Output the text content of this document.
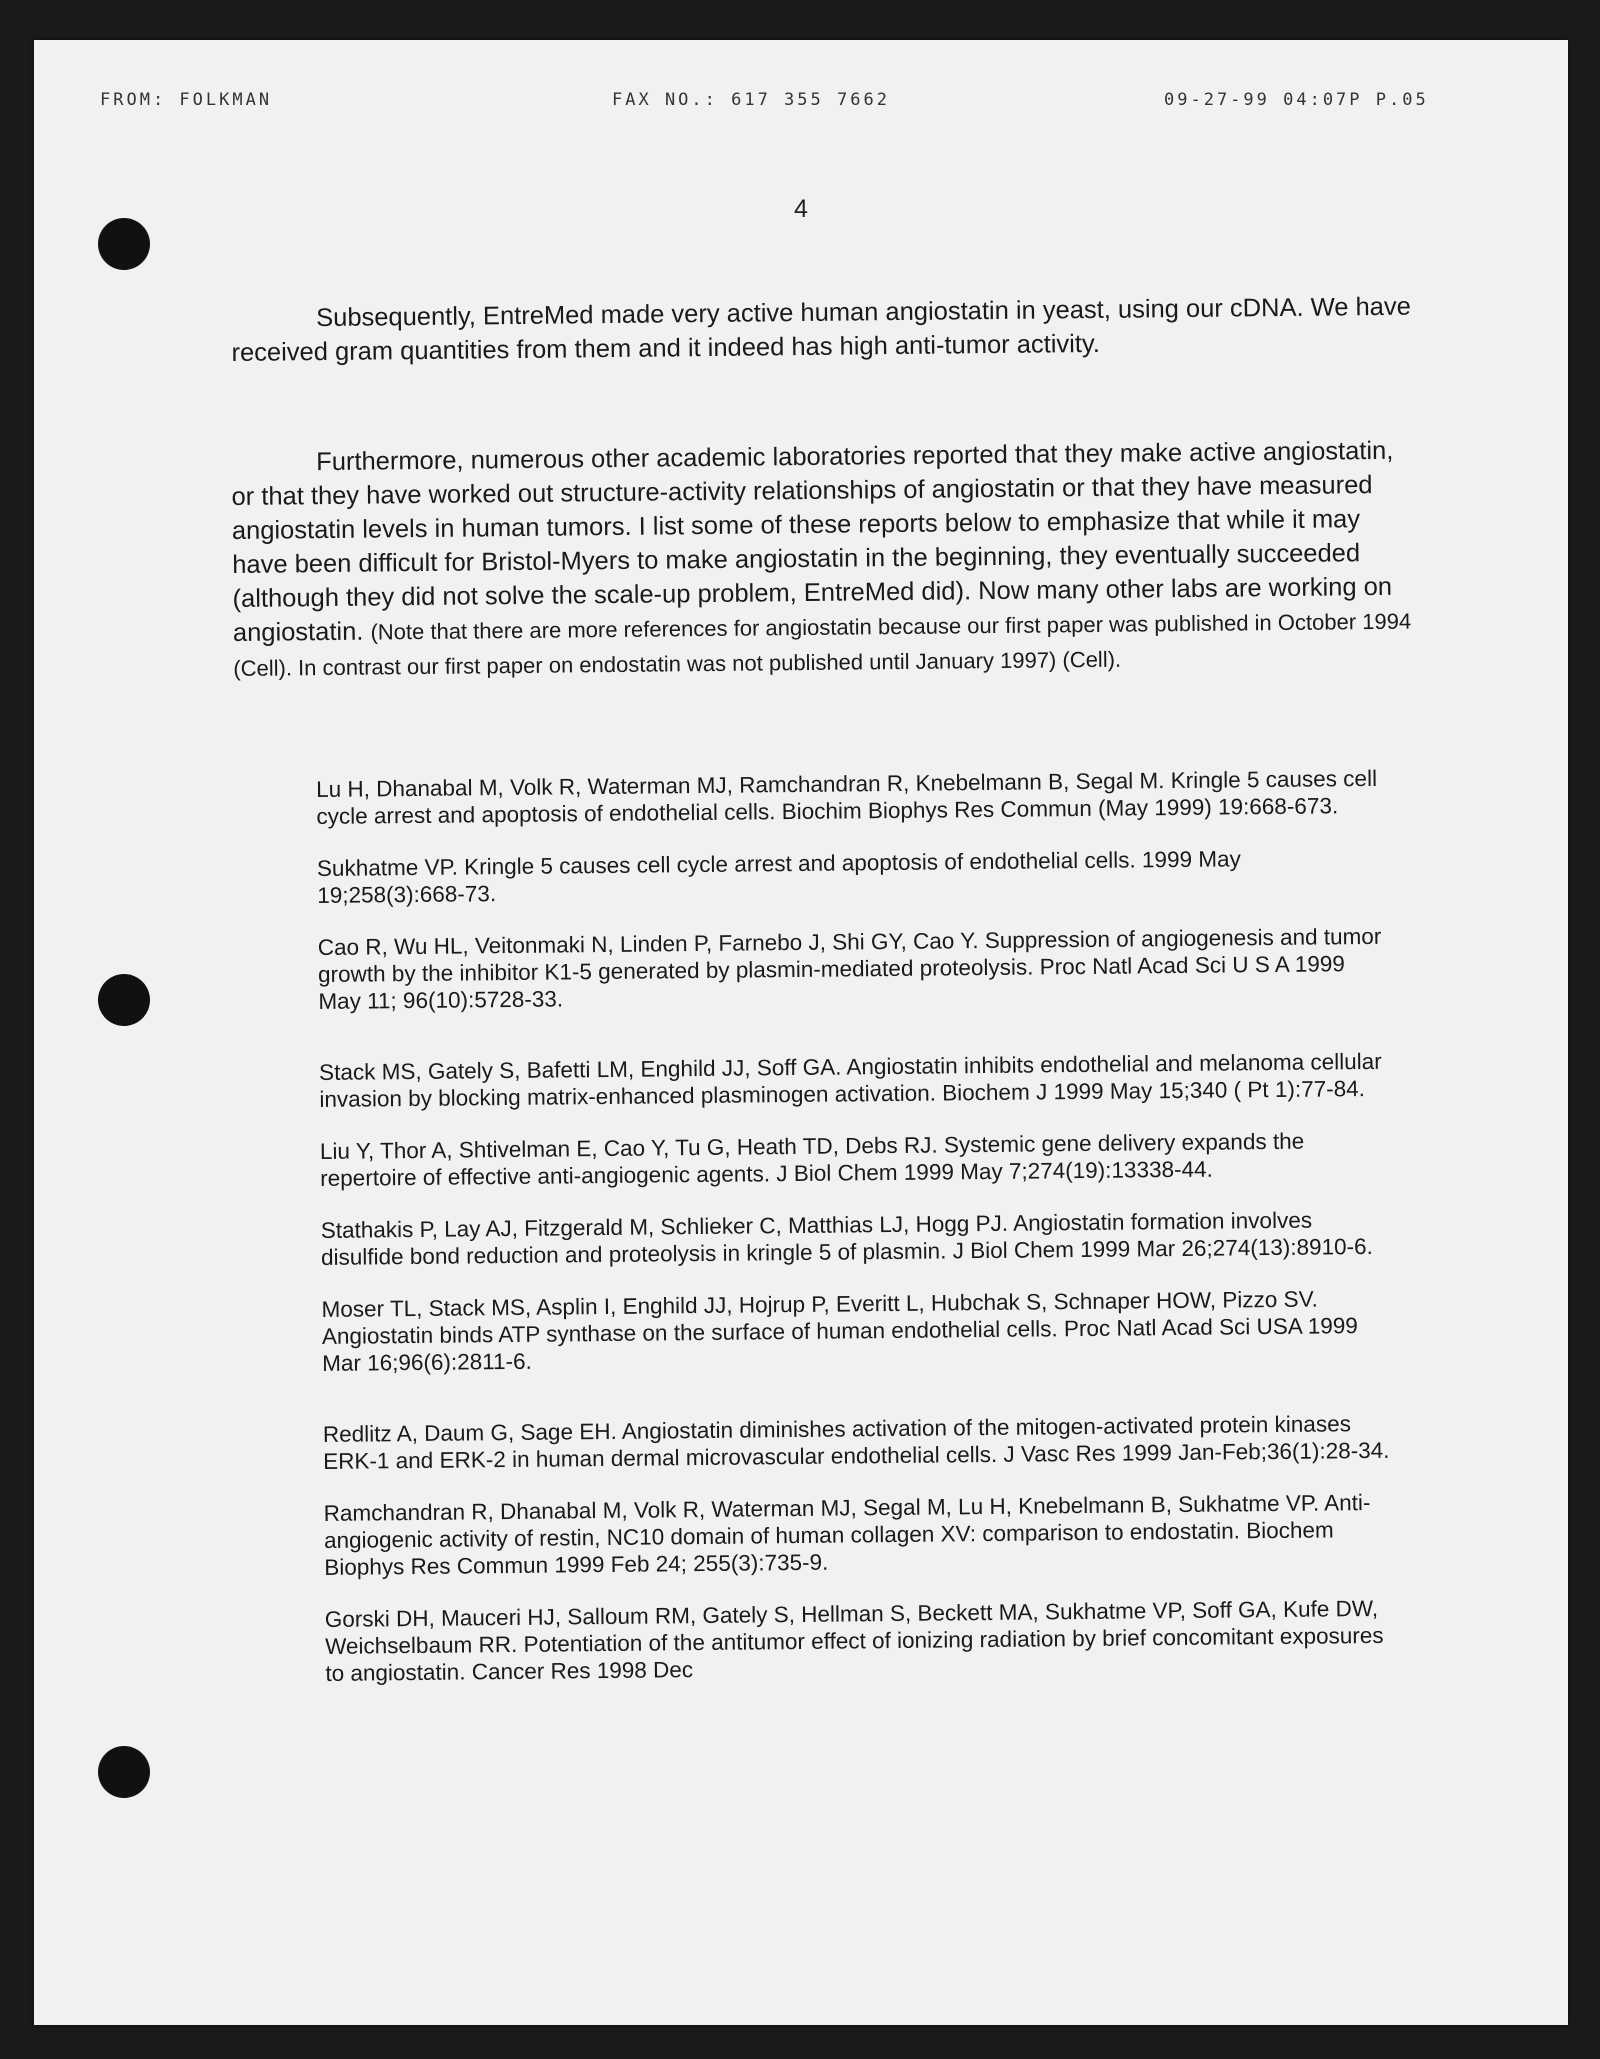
FROM: FOLKMAN	FAX NO.: 617 355 7662	09-27-99 04:07P P.05
4

Subsequently, EntreMed made very active human angiostatin in yeast, using our cDNA. We have received gram quantities from them and it indeed has high anti-tumor activity.

Furthermore, numerous other academic laboratories reported that they make active angiostatin, or that they have worked out structure-activity relationships of angiostatin or that they have measured angiostatin levels in human tumors. I list some of these reports below to emphasize that while it may have been difficult for Bristol-Myers to make angiostatin in the beginning, they eventually succeeded (although they did not solve the scale-up problem, EntreMed did). Now many other labs are working on angiostatin. (Note that there are more references for angiostatin because our first paper was published in October 1994 (Cell). In contrast our first paper on endostatin was not published until January 1997) (Cell).

Lu H, Dhanabal M, Volk R, Waterman MJ, Ramchandran R, Knebelmann B, Segal M. Kringle 5 causes cell cycle arrest and apoptosis of endothelial cells. Biochim Biophys Res Commun (May 1999) 19:668-673.

Sukhatme VP. Kringle 5 causes cell cycle arrest and apoptosis of endothelial cells. 1999 May 19;258(3):668-73.

Cao R, Wu HL, Veitonmaki N, Linden P, Farnebo J, Shi GY, Cao Y. Suppression of angiogenesis and tumor growth by the inhibitor K1-5 generated by plasmin-mediated proteolysis. Proc Natl Acad Sci U S A 1999 May 11; 96(10):5728-33.

Stack MS, Gately S, Bafetti LM, Enghild JJ, Soff GA. Angiostatin inhibits endothelial and melanoma cellular invasion by blocking matrix-enhanced plasminogen activation. Biochem J 1999 May 15;340 ( Pt 1):77-84.

Liu Y, Thor A, Shtivelman E, Cao Y, Tu G, Heath TD, Debs RJ. Systemic gene delivery expands the repertoire of effective anti-angiogenic agents. J Biol Chem 1999 May 7;274(19):13338-44.

Stathakis P, Lay AJ, Fitzgerald M, Schlieker C, Matthias LJ, Hogg PJ. Angiostatin formation involves disulfide bond reduction and proteolysis in kringle 5 of plasmin. J Biol Chem 1999 Mar 26;274(13):8910-6.

Moser TL, Stack MS, Asplin I, Enghild JJ, Hojrup P, Everitt L, Hubchak S, Schnaper HOW, Pizzo SV. Angiostatin binds ATP synthase on the surface of human endothelial cells. Proc Natl Acad Sci USA 1999 Mar 16;96(6):2811-6.

Redlitz A, Daum G, Sage EH. Angiostatin diminishes activation of the mitogen-activated protein kinases ERK-1 and ERK-2 in human dermal microvascular endothelial cells. J Vasc Res 1999 Jan-Feb;36(1):28-34.

Ramchandran R, Dhanabal M, Volk R, Waterman MJ, Segal M, Lu H, Knebelmann B, Sukhatme VP. Anti-angiogenic activity of restin, NC10 domain of human collagen XV: comparison to endostatin. Biochem Biophys Res Commun 1999 Feb 24; 255(3):735-9.

Gorski DH, Mauceri HJ, Salloum RM, Gately S, Hellman S, Beckett MA, Sukhatme VP, Soff GA, Kufe DW, Weichselbaum RR. Potentiation of the antitumor effect of ionizing radiation by brief concomitant exposures to angiostatin. Cancer Res 1998 Dec
